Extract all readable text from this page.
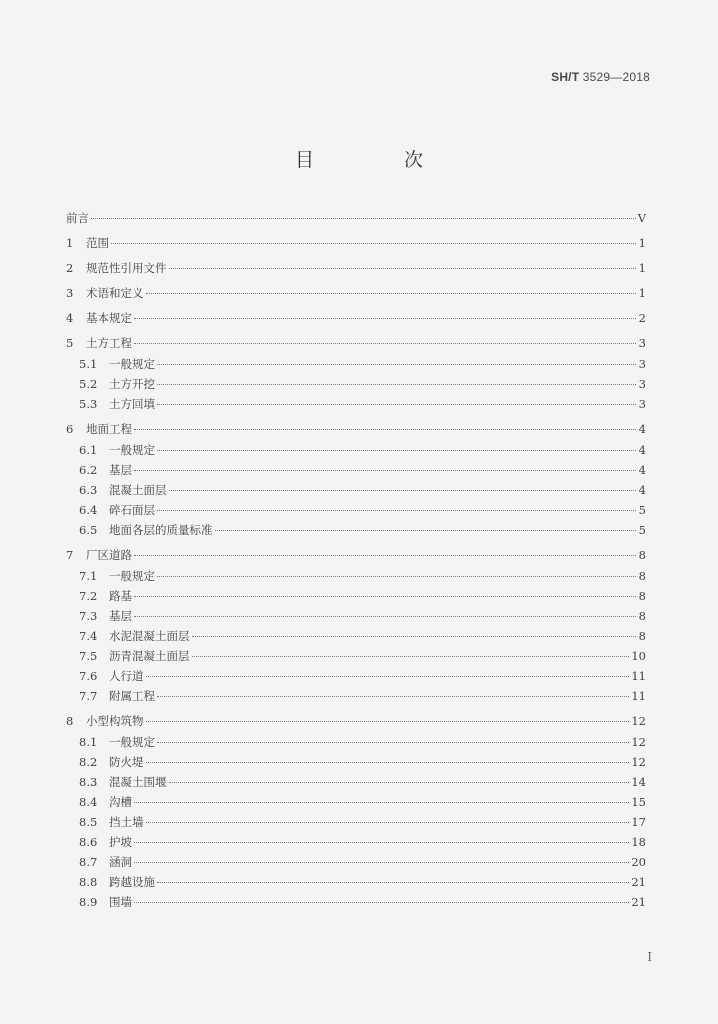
SH/T 3529—2018
目 次
前言	V
1	范围	1
2	规范性引用文件	1
3	术语和定义	1
4	基本规定	2
5	土方工程	3
5.1	一般规定	3
5.2	土方开挖	3
5.3	土方回填	3
6	地面工程	4
6.1	一般规定	4
6.2	基层	4
6.3	混凝土面层	4
6.4	碎石面层	5
6.5	地面各层的质量标准	5
7	厂区道路	8
7.1	一般规定	8
7.2	路基	8
7.3	基层	8
7.4	水泥混凝土面层	8
7.5	沥青混凝土面层	10
7.6	人行道	11
7.7	附属工程	11
8	小型构筑物	12
8.1	一般规定	12
8.2	防火堤	12
8.3	混凝土围堰	14
8.4	沟槽	15
8.5	挡土墙	17
8.6	护坡	18
8.7	涵洞	20
8.8	跨越设施	21
8.9	围墙	21
I
